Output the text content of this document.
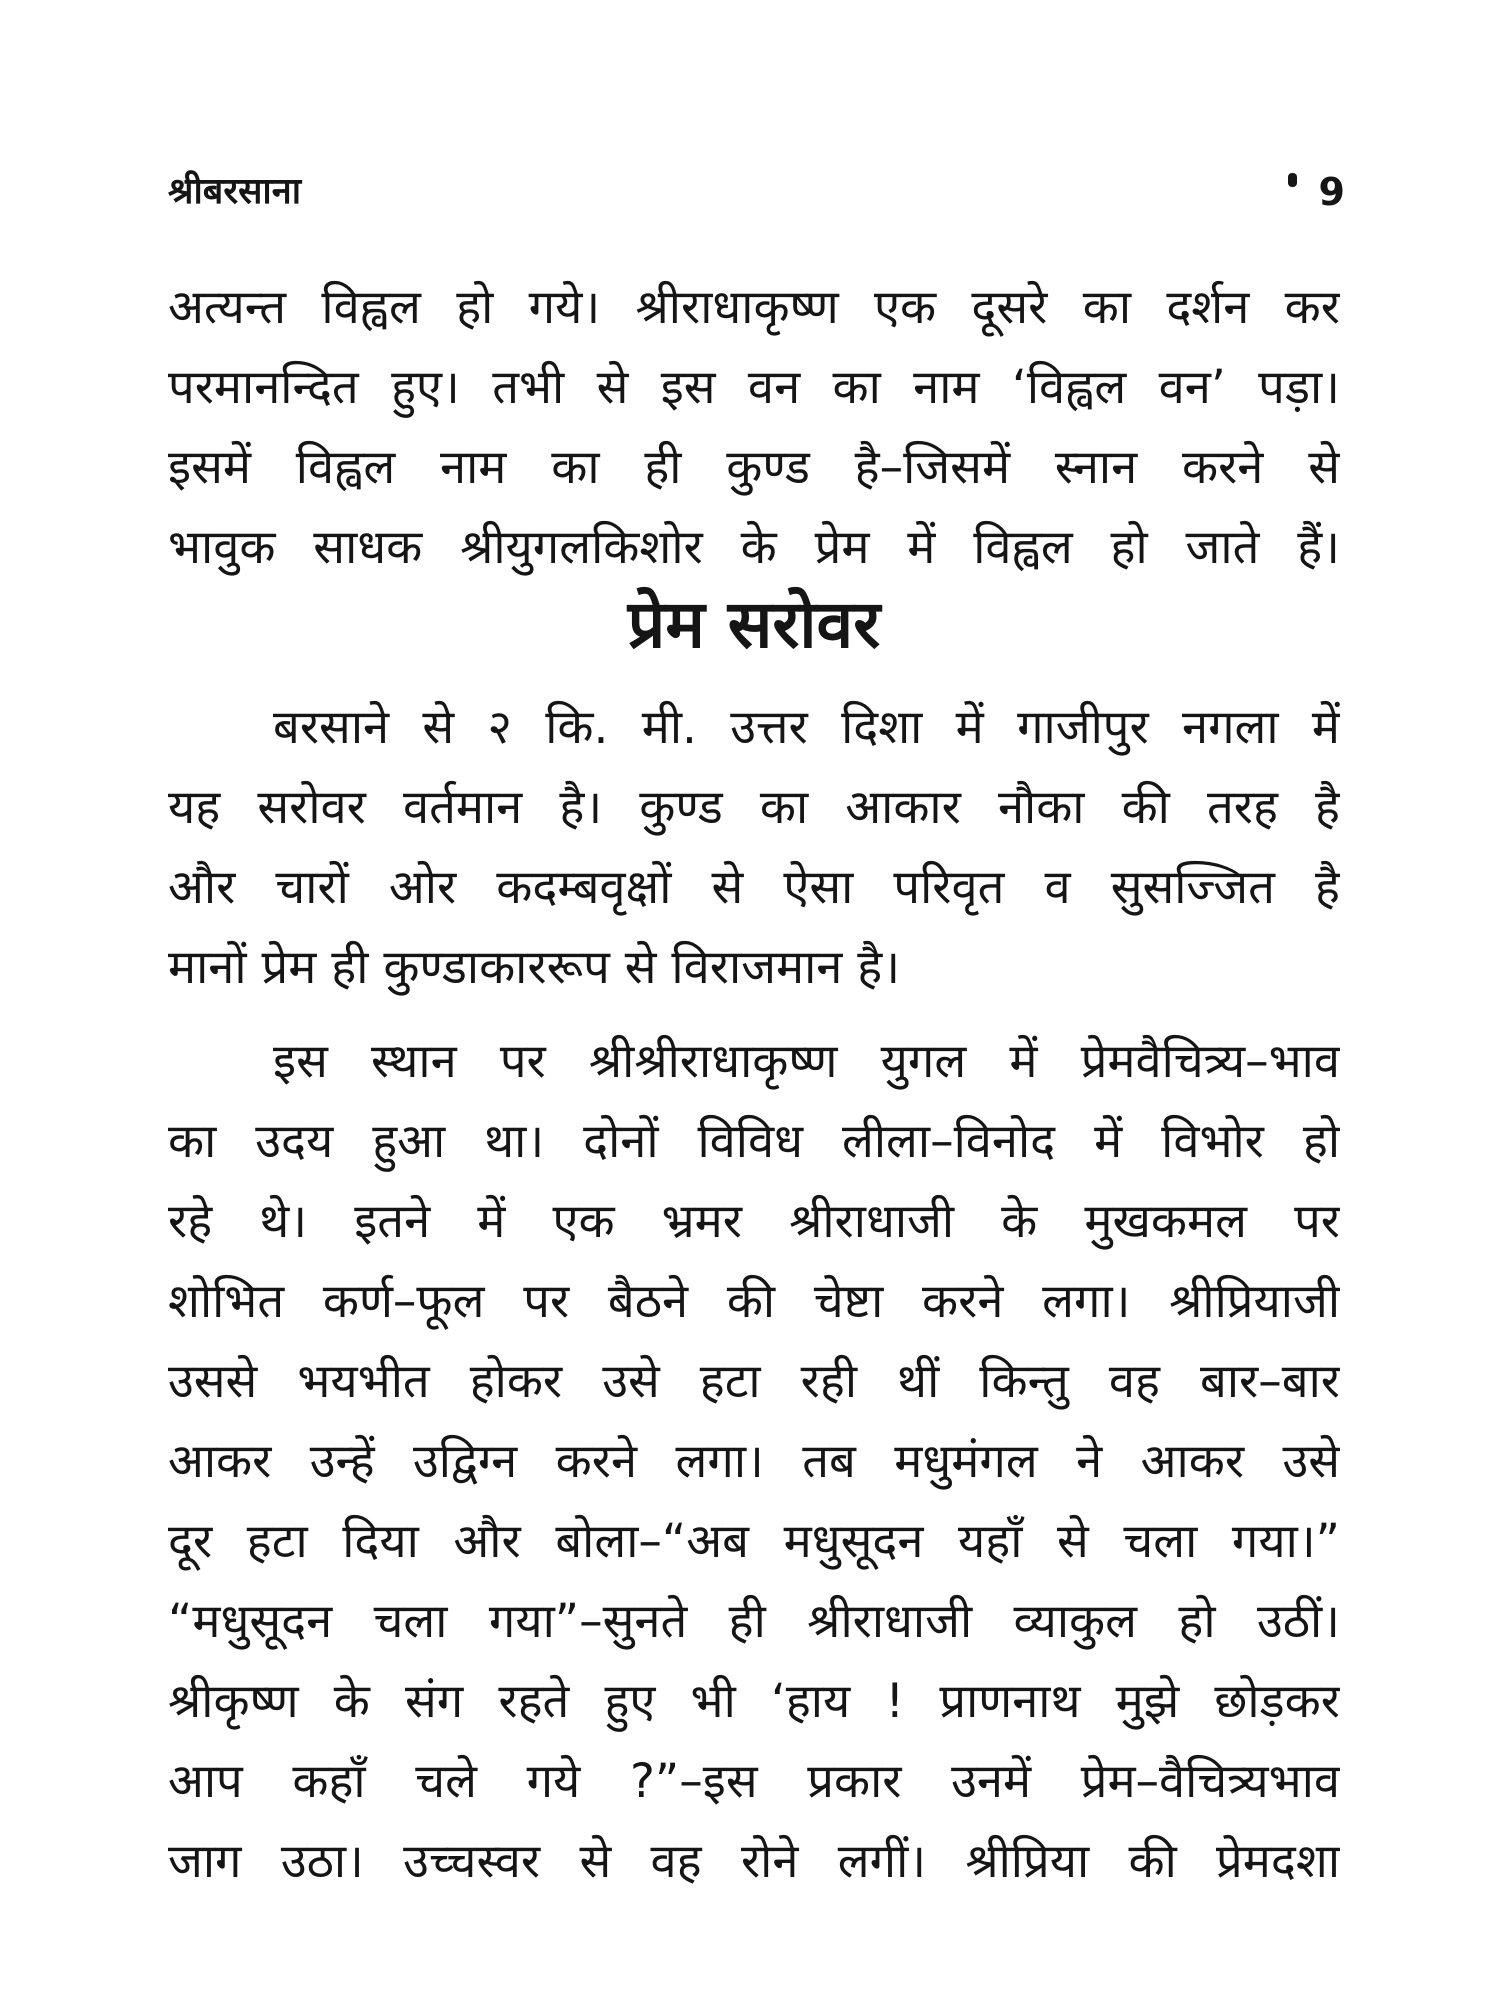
श्रीबरसाना	9
अत्यन्त विह्वल हो गये। श्रीराधाकृष्ण एक दूसरे का दर्शन कर
परमानन्दित हुए। तभी से इस वन का नाम ‘विह्वल वन’ पड़ा।
इसमें विह्वल नाम का ही कुण्ड है–जिसमें स्नान करने से
भावुक साधक श्रीयुगलकिशोर के प्रेम में विह्वल हो जाते हैं।
प्रेम सरोवर
बरसाने से २ कि. मी. उत्तर दिशा में गाजीपुर नगला में
यह सरोवर वर्तमान है। कुण्ड का आकार नौका की तरह है
और चारों ओर कदम्बवृक्षों से ऐसा परिवृत व सुसज्जित है
मानों प्रेम ही कुण्डाकाररूप से विराजमान है।
इस स्थान पर श्रीश्रीराधाकृष्ण युगल में प्रेमवैचित्र्य–भाव
का उदय हुआ था। दोनों विविध लीला–विनोद में विभोर हो
रहे थे। इतने में एक भ्रमर श्रीराधाजी के मुखकमल पर
शोभित कर्ण–फूल पर बैठने की चेष्टा करने लगा। श्रीप्रियाजी
उससे भयभीत होकर उसे हटा रही थीं किन्तु वह बार–बार
आकर उन्हें उद्विग्न करने लगा। तब मधुमंगल ने आकर उसे
दूर हटा दिया और बोला–“अब मधुसूदन यहाँ से चला गया।”
“मधुसूदन चला गया”–सुनते ही श्रीराधाजी व्याकुल हो उठीं।
श्रीकृष्ण के संग रहते हुए भी ‘हाय ! प्राणनाथ मुझे छोड़कर
आप कहाँ चले गये ?”–इस प्रकार उनमें प्रेम–वैचित्र्यभाव
जाग उठा। उच्चस्वर से वह रोने लगीं। श्रीप्रिया की प्रेमदशा
